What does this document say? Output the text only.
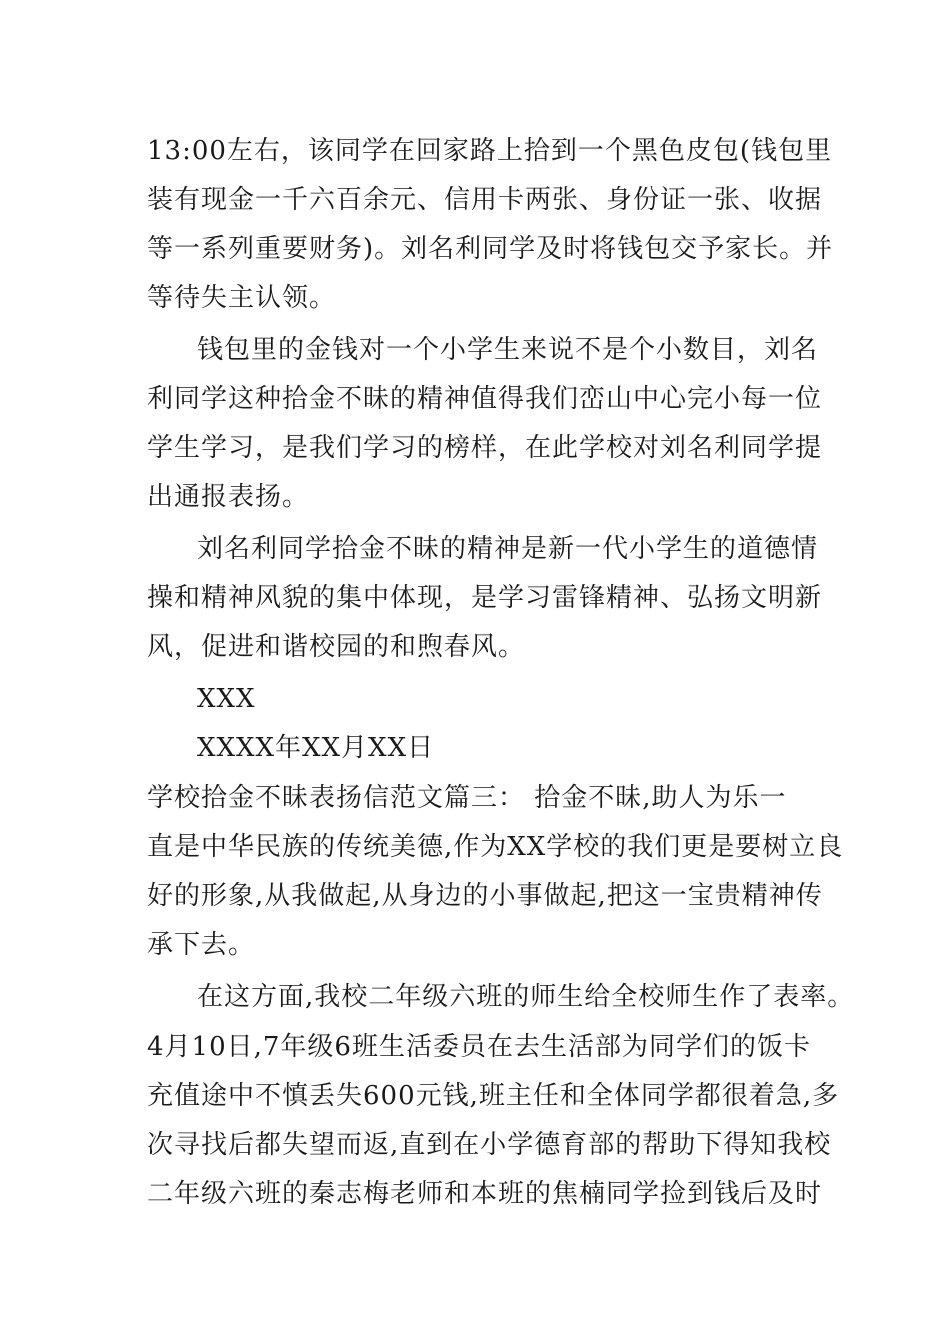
13:00左右，该同学在回家路上拾到一个黑色皮包(钱包里
装有现金一千六百余元、信用卡两张、身份证一张、收据
等一系列重要财务)。刘名利同学及时将钱包交予家长。并
等待失主认领。
钱包里的金钱对一个小学生来说不是个小数目，刘名
利同学这种拾金不昧的精神值得我们峦山中心完小每一位
学生学习，是我们学习的榜样，在此学校对刘名利同学提
出通报表扬。
刘名利同学拾金不昧的精神是新一代小学生的道德情
操和精神风貌的集中体现，是学习雷锋精神、弘扬文明新
风，促进和谐校园的和煦春风。
XXX
XXXX年XX月XX日
学校拾金不昧表扬信范文篇三： 拾金不昧,助人为乐一
直是中华民族的传统美德,作为XX学校的我们更是要树立良
好的形象,从我做起,从身边的小事做起,把这一宝贵精神传
承下去。
在这方面,我校二年级六班的师生给全校师生作了表率。
4月10日,7年级6班生活委员在去生活部为同学们的饭卡
充值途中不慎丢失600元钱,班主任和全体同学都很着急,多
次寻找后都失望而返,直到在小学德育部的帮助下得知我校
二年级六班的秦志梅老师和本班的焦楠同学捡到钱后及时
